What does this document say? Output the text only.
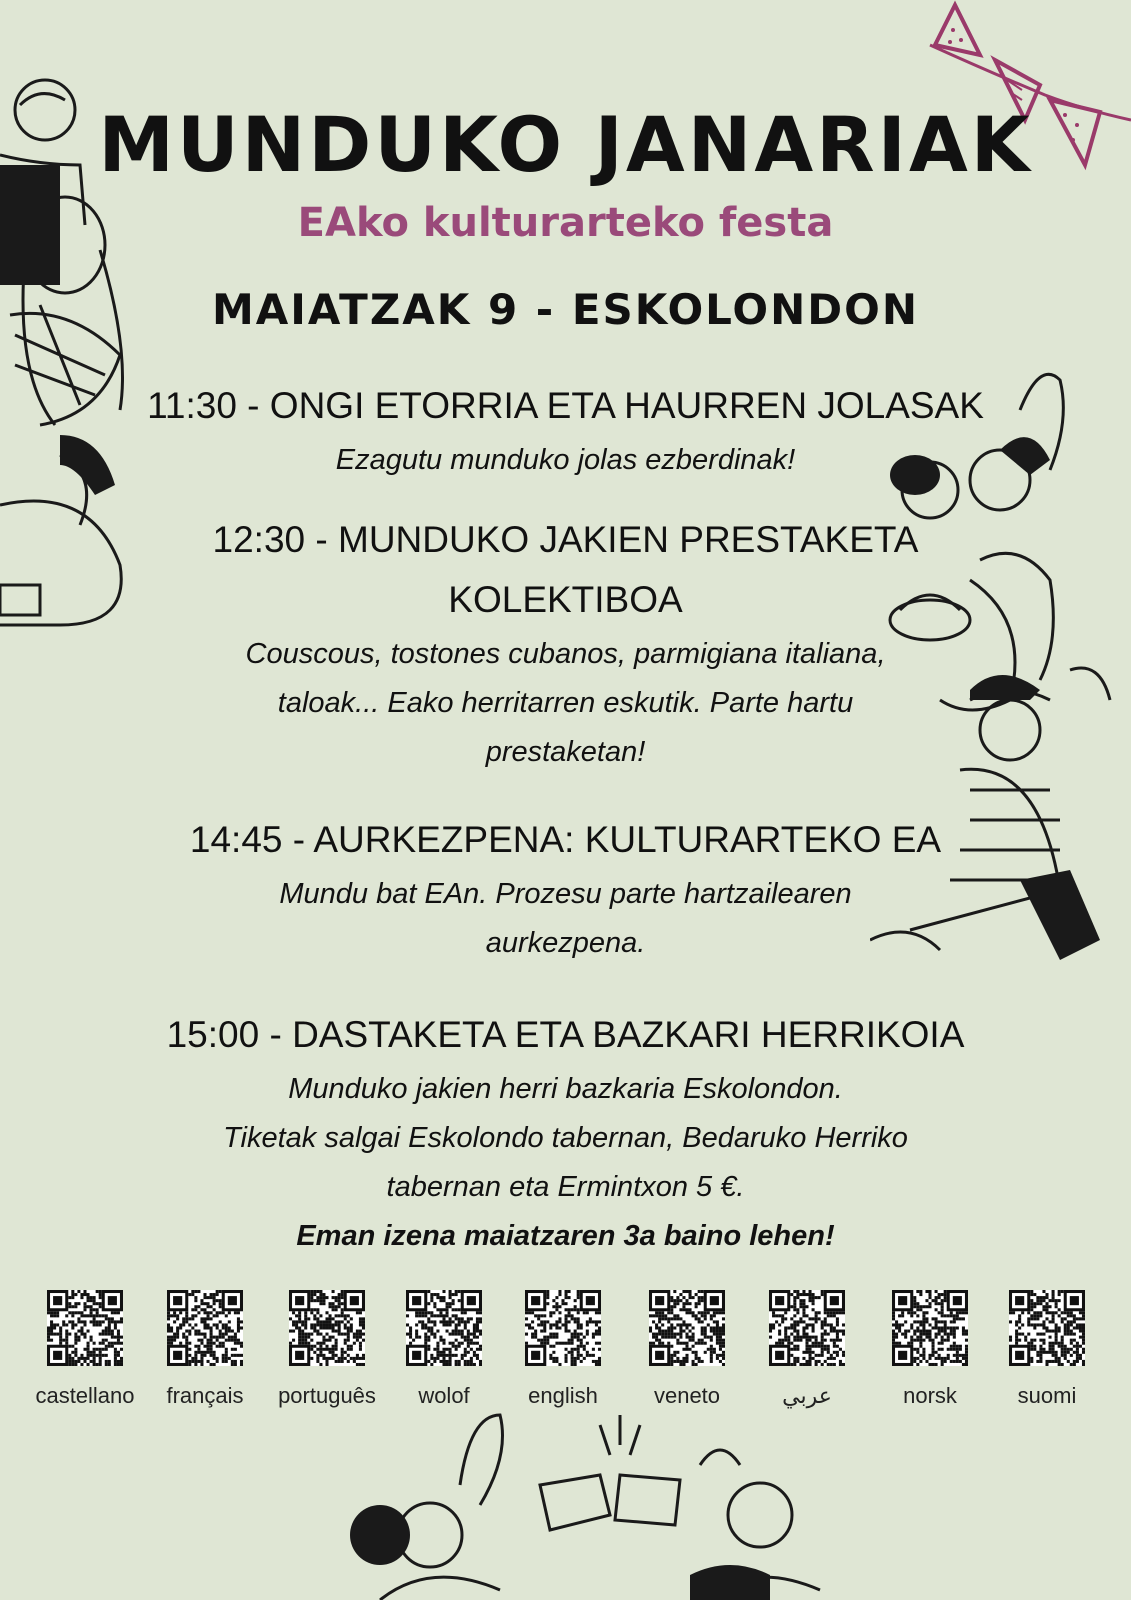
MUNDUKO JANARIAK
EAko kulturarteko festa
MAIATZAK 9 - ESKOLONDON
11:30 - ONGI ETORRIA ETA HAURREN JOLASAK
Ezagutu munduko jolas ezberdinak!
12:30 - MUNDUKO JAKIEN PRESTAKETA
KOLEKTIBOA
Couscous, tostones cubanos, parmigiana italiana,
taloak... Eako herritarren eskutik. Parte hartu
prestaketan!
14:45 - AURKEZPENA: KULTURARTEKO EA
Mundu bat EAn. Prozesu parte hartzailearen
aurkezpena.
15:00 - DASTAKETA ETA BAZKARI HERRIKOIA
Munduko jakien herri bazkaria Eskolondon.
Tiketak salgai Eskolondo tabernan, Bedaruko Herriko
tabernan eta Ermintxon 5 €.
Eman izena maiatzaren 3a baino lehen!
castellano	français	português	wolof	english	veneto	عربي	norsk	suomi
